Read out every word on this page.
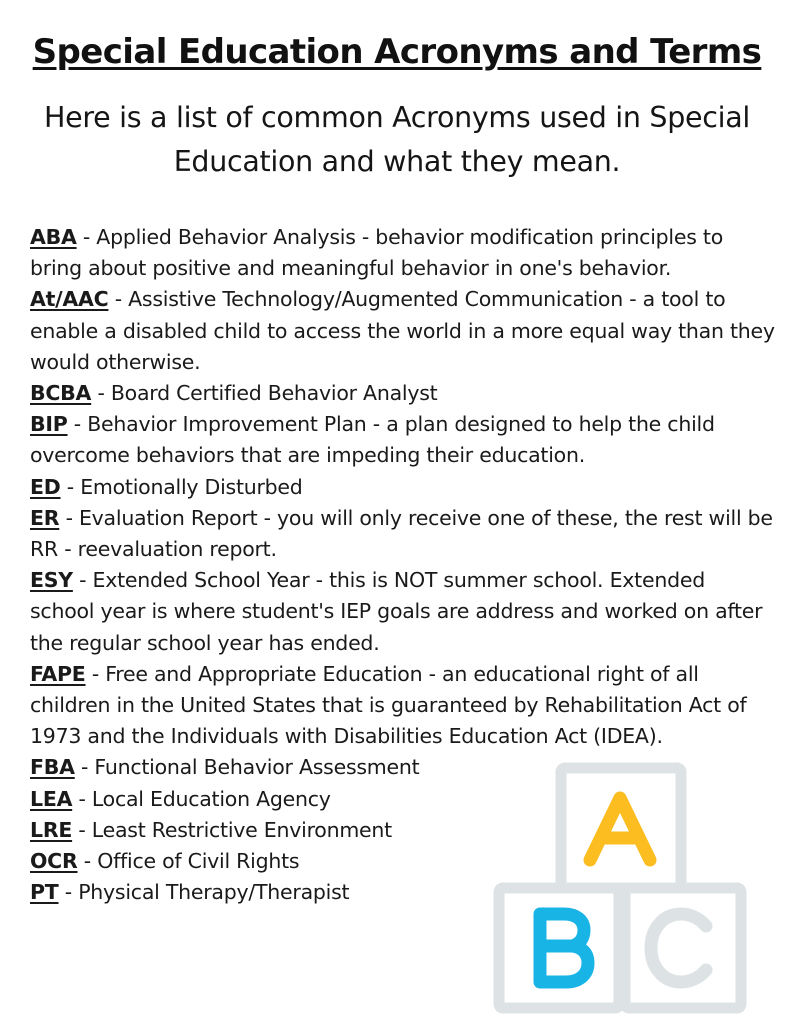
Special Education Acronyms and Terms

Here is a list of common Acronyms used in Special Education and what they mean.

ABA - Applied Behavior Analysis - behavior modification principles to bring about positive and meaningful behavior in one's behavior.
At/AAC - Assistive Technology/Augmented Communication - a tool to enable a disabled child to access the world in a more equal way than they would otherwise.
BCBA - Board Certified Behavior Analyst
BIP - Behavior Improvement Plan - a plan designed to help the child overcome behaviors that are impeding their education.
ED - Emotionally Disturbed
ER - Evaluation Report - you will only receive one of these, the rest will be RR - reevaluation report.
ESY - Extended School Year - this is NOT summer school. Extended school year is where student's IEP goals are address and worked on after the regular school year has ended.
FAPE - Free and Appropriate Education - an educational right of all children in the United States that is guaranteed by Rehabilitation Act of 1973 and the Individuals with Disabilities Education Act (IDEA).
FBA - Functional Behavior Assessment
LEA - Local Education Agency
LRE - Least Restrictive Environment
OCR - Office of Civil Rights
PT - Physical Therapy/Therapist
